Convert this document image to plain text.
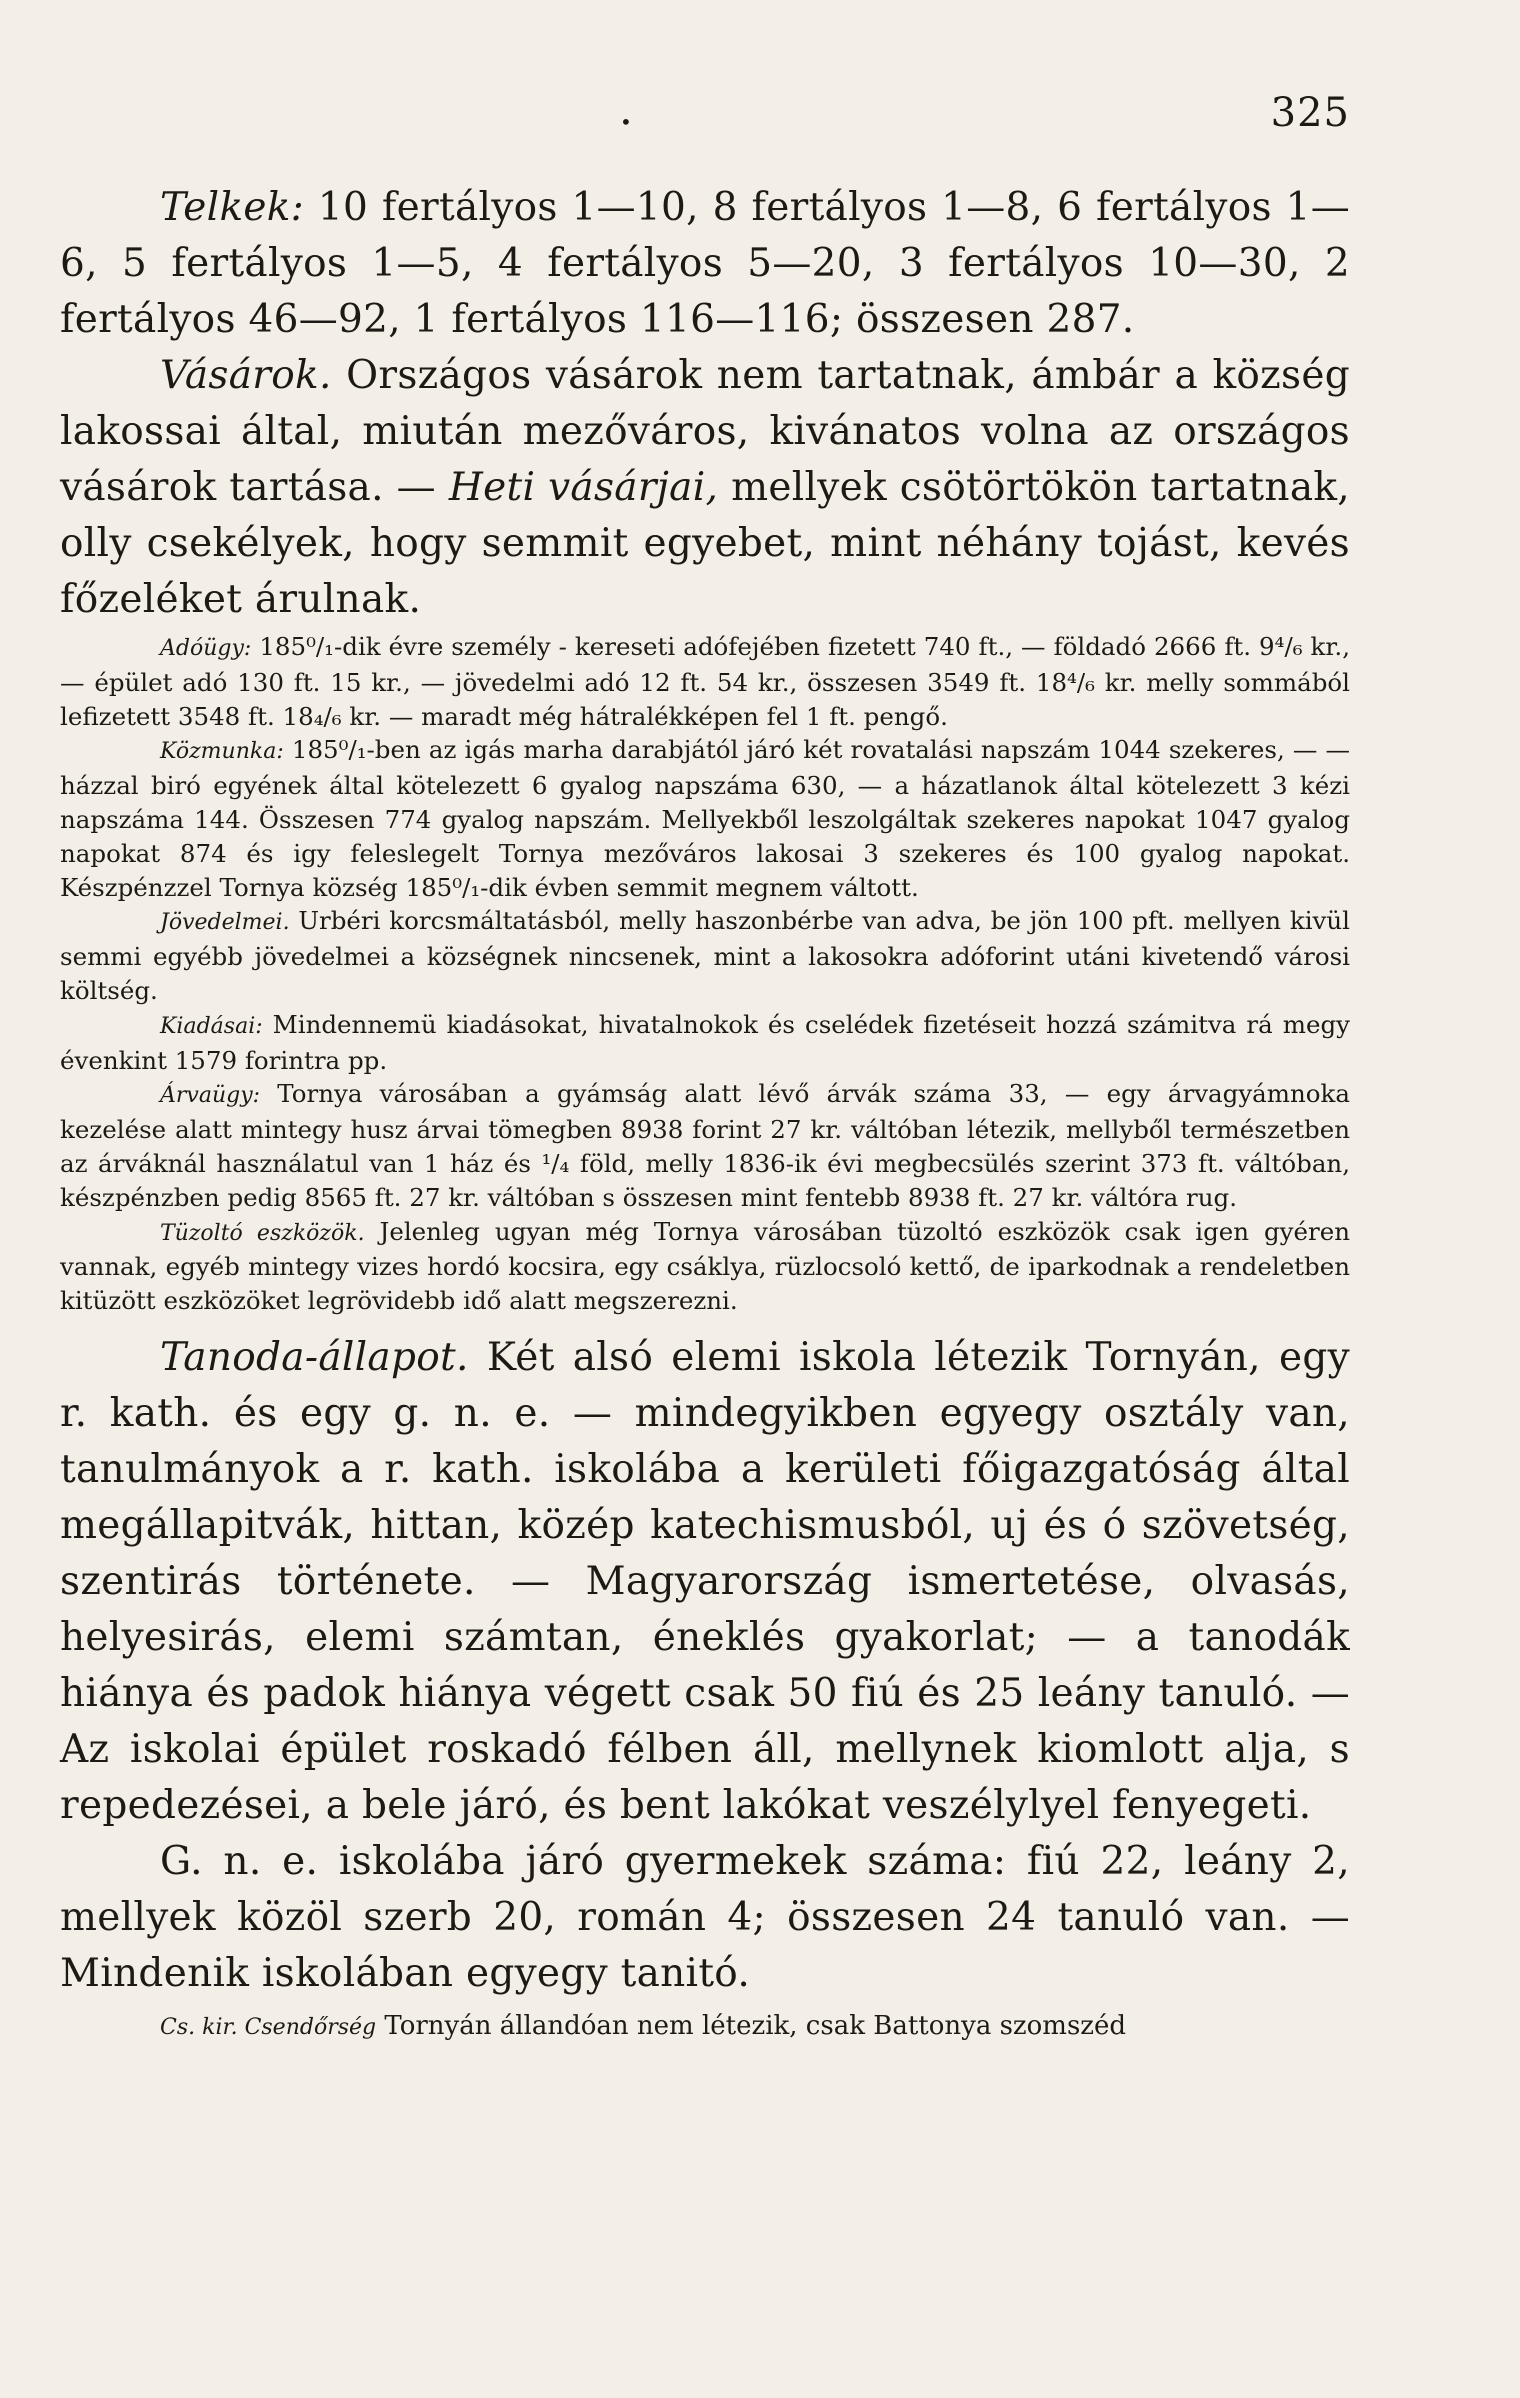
•	325

Telkek: 10 fertályos 1—10, 8 fertályos 1—8, 6 fertályos 1—6, 5 fertályos 1—5, 4 fertályos 5—20, 3 fertályos 10—30, 2 fertályos 46—92, 1 fertályos 116—116; összesen 287.

Vásárok. Országos vásárok nem tartatnak, ámbár a község lakossai által, miután mezőváros, kivánatos volna az országos vásárok tartása. — Heti vásárjai, mellyek csötörtökön tartatnak, olly csekélyek, hogy semmit egyebet, mint néhány tojást, kevés főzeléket árulnak.

Adóügy: 185⁰/₁-dik évre személy - kereseti adófejében fizetett 740 ft., — földadó 2666 ft. 9⁴/₆ kr., — épület adó 130 ft. 15 kr., — jövedelmi adó 12 ft. 54 kr., összesen 3549 ft. 18⁴/₆ kr. melly sommából lefizetett 3548 ft. 18₄/₆ kr. — maradt még hátralékképen fel 1 ft. pengő.

Közmunka: 185⁰/₁-ben az igás marha darabjától járó két rovatalási napszám 1044 szekeres, — — házzal biró egyének által kötelezett 6 gyalog napszáma 630, — a házatlanok által kötelezett 3 kézi napszáma 144. Összesen 774 gyalog napszám. Mellyekből leszolgáltak szekeres napokat 1047 gyalog napokat 874 és igy feleslegelt Tornya mezőváros lakosai 3 szekeres és 100 gyalog napokat. Készpénzzel Tornya község 185⁰/₁-dik évben semmit megnem váltott.

Jövedelmei. Urbéri korcsmáltatásból, melly haszonbérbe van adva, be jön 100 pft. mellyen kivül semmi egyébb jövedelmei a községnek nincsenek, mint a lakosokra adóforint utáni kivetendő városi költség.

Kiadásai: Mindennemü kiadásokat, hivatalnokok és cselédek fizetéseit hozzá számitva rá megy évenkint 1579 forintra pp.

Árvaügy: Tornya városában a gyámság alatt lévő árvák száma 33, — egy árvagyámnoka kezelése alatt mintegy husz árvai tömegben 8938 forint 27 kr. váltóban létezik, mellyből természetben az árváknál használatul van 1 ház és ¹/₄ föld, melly 1836-ik évi megbecsülés szerint 373 ft. váltóban, készpénzben pedig 8565 ft. 27 kr. váltóban s összesen mint fentebb 8938 ft. 27 kr. váltóra rug.

Tüzoltó eszközök. Jelenleg ugyan még Tornya városában tüzoltó eszközök csak igen gyéren vannak, egyéb mintegy vizes hordó kocsira, egy csáklya, rüzlocsoló kettő, de iparkodnak a rendeletben kitüzött eszközöket legrövidebb idő alatt megszerezni.

Tanoda-állapot. Két alsó elemi iskola létezik Tornyán, egy r. kath. és egy g. n. e. — mindegyikben egyegy osztály van, tanulmányok a r. kath. iskolába a kerületi főigazgatóság által megállapitvák, hittan, közép katechismusból, uj és ó szövetség, szentirás története. — Magyarország ismertetése, olvasás, helyesirás, elemi számtan, éneklés gyakorlat; — a tanodák hiánya és padok hiánya végett csak 50 fiú és 25 leány tanuló. — Az iskolai épület roskadó félben áll, mellynek kiomlott alja, s repedezései, a bele járó, és bent lakókat veszélylyel fenyegeti.

G. n. e. iskolába járó gyermekek száma: fiú 22, leány 2, mellyek közöl szerb 20, román 4; összesen 24 tanuló van. — Mindenik iskolában egyegy tanitó.

Cs. kir. Csendőrség Tornyán állandóan nem létezik, csak Battonya szomszéd
